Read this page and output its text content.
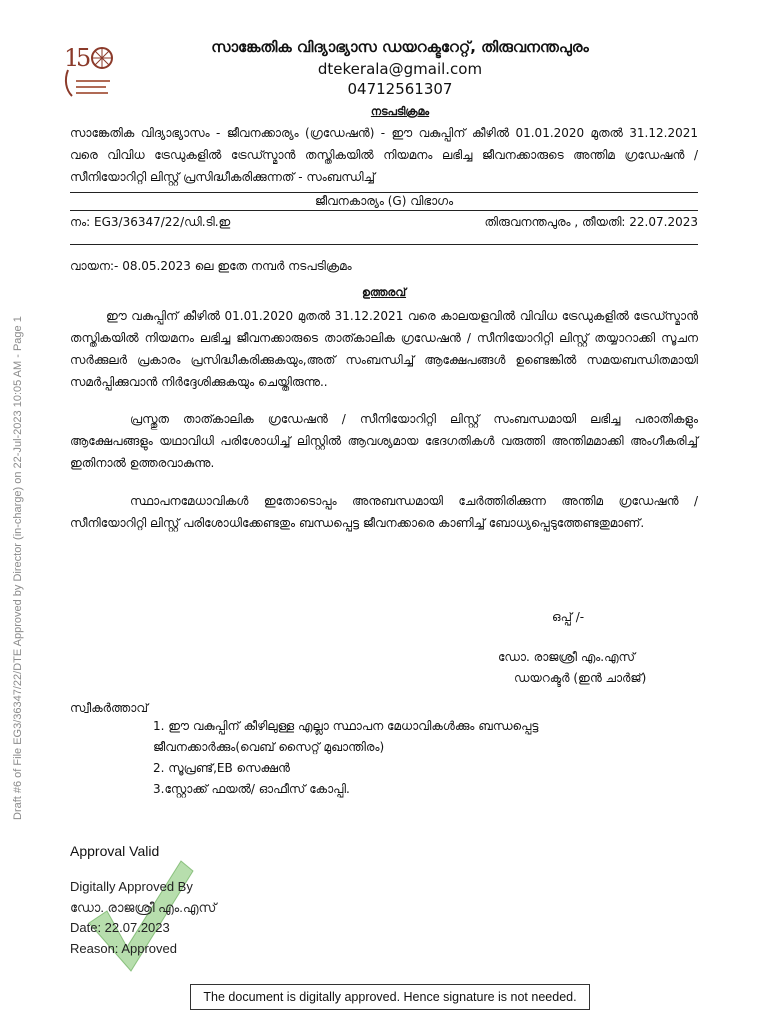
Draft #6 of File EG3/36347/22/DTE Approved by Director (in-charge) on 22-Jul-2023 10:05 AM - Page 1
1
5	സാങ്കേതിക വിദ്യാഭ്യാസ ഡയറക്ടറേറ്റ്, തിരുവനന്തപുരം
dtekerala@gmail.com
04712561307
നടപടിക്രമം
സാങ്കേതിക വിദ്യാഭ്യാസം - ജീവനക്കാര്യം (ഗ്രഡേഷൻ) - ഈ വകുപ്പിന് കീഴിൽ 01.01.2020 മുതൽ 31.12.2021 വരെ വിവിധ ട്രേഡുകളിൽ ട്രേഡ്സ്മാൻ തസ്തികയിൽ നിയമനം ലഭിച്ച ജീവനക്കാരുടെ അന്തിമ ഗ്രഡേഷൻ / സീനിയോറിറ്റി ലിസ്റ്റ് പ്രസിദ്ധീകരിക്കുന്നത് - സംബന്ധിച്ച്
ജീവനകാര്യം (G) വിഭാഗം
നം: EG3/36347/22/ഡി.ടി.ഇ	തിരുവനന്തപുരം , തീയതി: 22.07.2023
വായന:- 08.05.2023 ലെ ഇതേ നമ്പർ നടപടിക്രമം
ഉത്തരവ്
ഈ വകുപ്പിന് കീഴിൽ 01.01.2020 മുതൽ 31.12.2021 വരെ കാലയളവിൽ വിവിധ ട്രേഡുകളിൽ ട്രേഡ്സ്മാൻ തസ്തികയിൽ നിയമനം ലഭിച്ച ജീവനക്കാരുടെ താത്കാലിക ഗ്രഡേഷൻ / സീനിയോറിറ്റി ലിസ്റ്റ് തയ്യാറാക്കി സൂചന സർക്കുലർ പ്രകാരം പ്രസിദ്ധീകരിക്കുകയും,അത് സംബന്ധിച്ച് ആക്ഷേപങ്ങൾ ഉണ്ടെങ്കിൽ സമയബന്ധിതമായി സമർപ്പിക്കുവാൻ നിർദ്ദേശിക്കുകയും ചെയ്തിരുന്നു..
പ്രസ്തുത താത്കാലിക ഗ്രഡേഷൻ / സീനിയോറിറ്റി ലിസ്റ്റ് സംബന്ധമായി ലഭിച്ച പരാതികളും ആക്ഷേപങ്ങളും യഥാവിധി പരിശോധിച്ച് ലിസ്റ്റിൽ ആവശ്യമായ ഭേദഗതികൾ വരുത്തി അന്തിമമാക്കി അംഗീകരിച്ച് ഇതിനാൽ ഉത്തരവാകുന്നു.
സ്ഥാപനമേധാവികൾ ഇതോടൊപ്പം അനുബന്ധമായി ചേർത്തിരിക്കുന്ന അന്തിമ ഗ്രഡേഷൻ / സീനിയോറിറ്റി ലിസ്റ്റ് പരിശോധിക്കേണ്ടതും ബന്ധപ്പെട്ട ജീവനക്കാരെ കാണിച്ച് ബോധ്യപ്പെടുത്തേണ്ടതുമാണ്.
ഒപ്പ് /-
ഡോ. രാജശ്രീ എം.എസ്
ഡയറക്ടർ (ഇൻ ചാർജ്)
സ്വീകർത്താവ്
1. ഈ വകുപ്പിന് കീഴിലുള്ള എല്ലാ സ്ഥാപന മേധാവികൾക്കും ബന്ധപ്പെട്ട
ജീവനക്കാർക്കും(വെബ് സൈറ്റ് മുഖാന്തിരം)
2. സൂപ്രണ്ട്,EB സെക്ഷൻ
3.സ്റ്റോക്ക് ഫയൽ/ ഓഫീസ് കോപ്പി.
Approval Valid
Digitally Approved By
ഡോ. രാജശ്രീ എം.എസ്
Date: 22.07.2023
Reason: Approved
The document is digitally approved. Hence signature is not needed.
